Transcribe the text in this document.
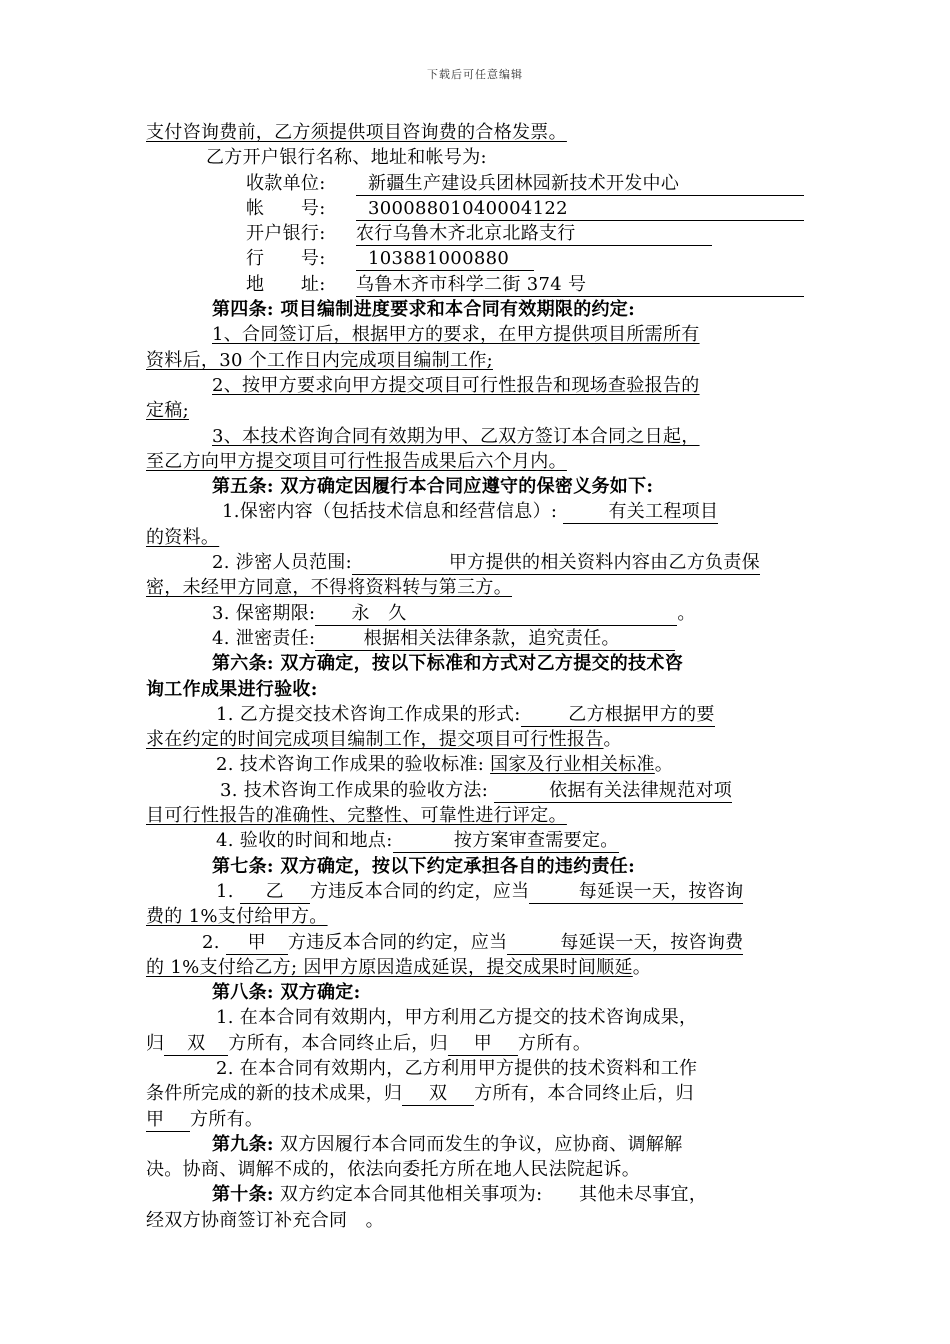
下载后可任意编辑
支付咨询费前，乙方须提供项目咨询费的合格发票。
乙方开户银行名称、地址和帐号为:
收款单位: 新疆生产建设兵团林园新技术开发中心
帐　　号: 30008801040004122
开户银行: 农行乌鲁木齐北京北路支行
行　　号: 103881000880
地　　址: 乌鲁木齐市科学二街 374 号
第四条: 项目编制进度要求和本合同有效期限的约定:
1、合同签订后，根据甲方的要求，在甲方提供项目所需所有
资料后，30 个工作日内完成项目编制工作;
2、按甲方要求向甲方提交项目可行性报告和现场查验报告的
定稿;
3、本技术咨询合同有效期为甲、乙双方签订本合同之日起，
至乙方向甲方提交项目可行性报告成果后六个月内。
第五条: 双方确定因履行本合同应遵守的保密义务如下:
1.保密内容（包括技术信息和经营信息）:	有关工程项目
的资料。
2. 涉密人员范围:	甲方提供的相关资料内容由乙方负责保
密，未经甲方同意，不得将资料转与第三方。
3. 保密期限: 永　久	。
4. 泄密责任:	根据相关法律条款，追究责任。
第六条: 双方确定，按以下标准和方式对乙方提交的技术咨
询工作成果进行验收:
1. 乙方提交技术咨询工作成果的形式:	乙方根据甲方的要
求在约定的时间完成项目编制工作，提交项目可行性报告。
2. 技术咨询工作成果的验收标准: 国家及行业相关标准。
3. 技术咨询工作成果的验收方法:	依据有关法律规范对项
目可行性报告的准确性、完整性、可靠性进行评定。
4. 验收的时间和地点:	按方案审查需要定。
第七条: 双方确定，按以下约定承担各自的违约责任:
1. 乙 方违反本合同的约定，应当	每延误一天，按咨询
费的 1%支付给甲方。
2. 甲 方违反本合同的约定，应当	每延误一天，按咨询费
的 1%支付给乙方; 因甲方原因造成延误，提交成果时间顺延。
第八条: 双方确定:
1. 在本合同有效期内，甲方利用乙方提交的技术咨询成果，
归 双 方所有，本合同终止后，归 甲 方所有。
2. 在本合同有效期内，乙方利用甲方提供的技术资料和工作
条件所完成的新的技术成果，归 双 方所有，本合同终止后，归
甲 方所有。
第九条: 双方因履行本合同而发生的争议，应协商、调解解
决。协商、调解不成的，依法向委托方所在地人民法院起诉。
第十条: 双方约定本合同其他相关事项为:　　其他未尽事宜，
经双方协商签订补充合同　。
